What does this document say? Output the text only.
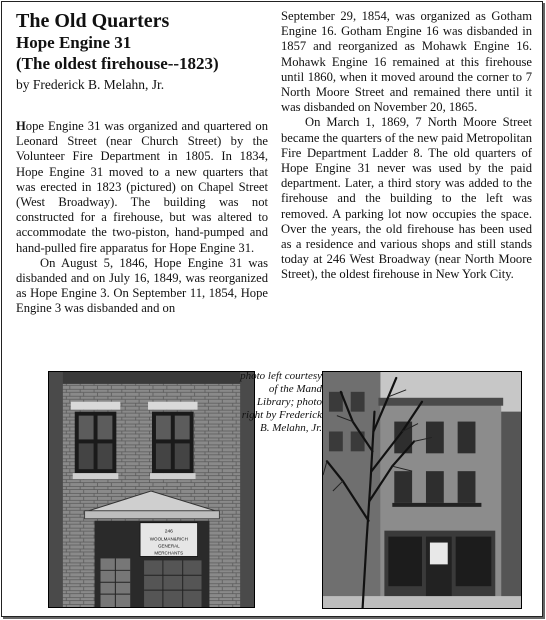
The Old Quarters
Hope Engine 31
(The oldest firehouse--1823)
by Frederick B. Melahn, Jr.
Hope Engine 31 was organized and quartered on Leonard Street (near Church Street) by the Volunteer Fire Department in 1805. In 1834, Hope Engine 31 moved to a new quarters that was erected in 1823 (pictured) on Chapel Street (West Broadway). The building was not constructed for a firehouse, but was altered to accommodate the two-piston, hand-pumped and hand-pulled fire apparatus for Hope Engine 31.
On August 5, 1846, Hope Engine 31 was disbanded and on July 16, 1849, was reorganized as Hope Engine 3. On September 11, 1854, Hope Engine 3 was disbanded and on
September 29, 1854, was organized as Gotham Engine 16. Gotham Engine 16 was disbanded in 1857 and reorganized as Mohawk Engine 16. Mohawk Engine 16 remained at this firehouse until 1860, when it moved around the corner to 7 North Moore Street and remained there until it was disbanded on November 20, 1865.
On March 1, 1869, 7 North Moore Street became the quarters of the new paid Metropolitan Fire Department Ladder 8. The old quarters of Hope Engine 31 never was used by the paid department. Later, a third story was added to the firehouse and the building to the left was removed. A parking lot now occupies the space. Over the years, the old firehouse has been used as a residence and various shops and still stands today at 246 West Broadway (near North Moore Street), the oldest firehouse in New York City.
246
WOOLMAN&RICH
GENERAL
MERCHANTS
photo left courtesy of the Mand Library; photo right by Frederick B. Melahn, Jr.
